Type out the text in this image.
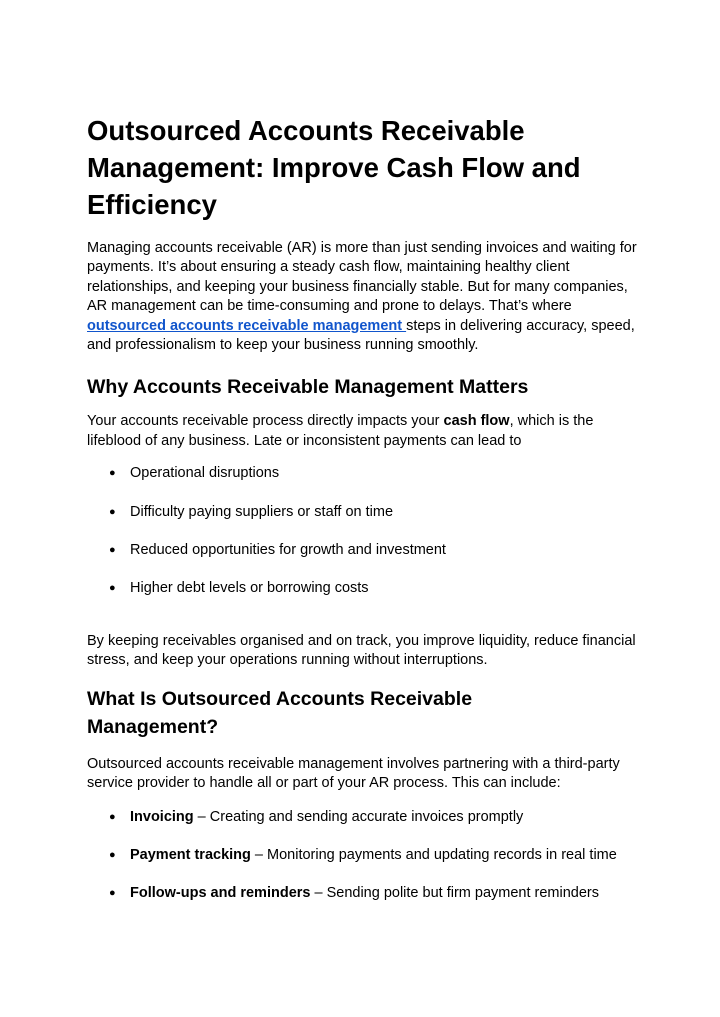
Outsourced Accounts Receivable
Management: Improve Cash Flow and
Efficiency

Managing accounts receivable (AR) is more than just sending invoices and waiting for payments. It’s about ensuring a steady cash flow, maintaining healthy client relationships, and keeping your business financially stable. But for many companies, AR management can be time-consuming and prone to delays. That’s where outsourced accounts receivable management steps in delivering accuracy, speed, and professionalism to keep your business running smoothly.

Why Accounts Receivable Management Matters

Your accounts receivable process directly impacts your cash flow, which is the lifeblood of any business. Late or inconsistent payments can lead to

● Operational disruptions
● Difficulty paying suppliers or staff on time
● Reduced opportunities for growth and investment
● Higher debt levels or borrowing costs

By keeping receivables organised and on track, you improve liquidity, reduce financial stress, and keep your operations running without interruptions.

What Is Outsourced Accounts Receivable
Management?

Outsourced accounts receivable management involves partnering with a third-party service provider to handle all or part of your AR process. This can include:

● Invoicing – Creating and sending accurate invoices promptly
● Payment tracking – Monitoring payments and updating records in real time
● Follow-ups and reminders – Sending polite but firm payment reminders
